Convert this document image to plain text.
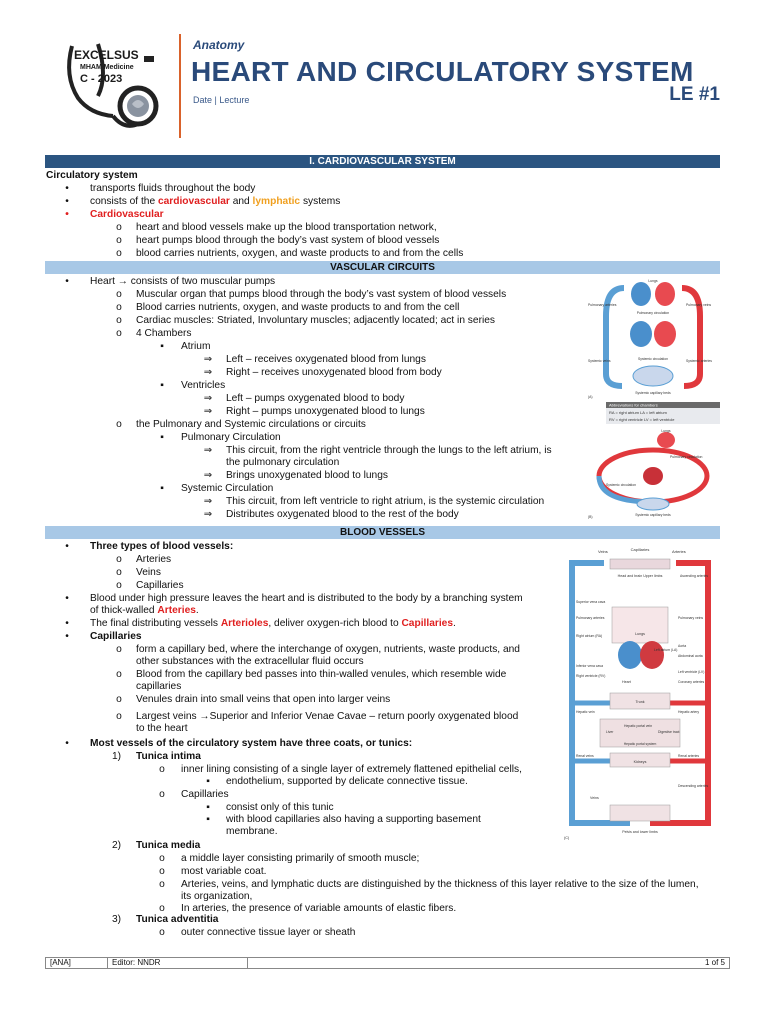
EXCELSUS
MHAM Medicine
C - 2023
Anatomy
HEART AND CIRCULATORY SYSTEM
Date | Lecture	LE #1
I. CARDIOVASCULAR SYSTEM
Circulatory system
•	transports fluids throughout the body
•	consists of the cardiovascular and lymphatic systems
•	Cardiovascular
o heart and blood vessels make up the blood transportation network,
o heart pumps blood through the body’s vast system of blood vessels
o blood carries nutrients, oxygen, and waste products to and from the cells
VASCULAR CIRCUITS
•	Heart → consists of two muscular pumps
o Muscular organ that pumps blood through the body’s vast system of blood vessels
o Blood carries nutrients, oxygen, and waste products to and from the cell
o Cardiac muscles: Striated, Involuntary muscles; adjacently located; act in series
o 4 Chambers
▪	Atrium
⇒ Left – receives oxygenated blood from lungs
⇒ Right – receives unoxygenated blood from body
▪	Ventricles
⇒ Left – pumps oxygenated blood to body
⇒ Right – pumps unoxygenated blood to lungs
o the Pulmonary and Systemic circulations or circuits
▪	Pulmonary Circulation
⇒ This circuit, from the right ventricle through the lungs to the left atrium, is
the pulmonary circulation
⇒ Brings unoxygenated blood to lungs
▪	Systemic Circulation
⇒ This circuit, from left ventricle to right atrium, is the systemic circulation
⇒ Distributes oxygenated blood to the rest of the body
Lungs
Pulmonary arteries	Pulmonary veins
Pulmonary circulation
Systemic circulation
Systemic veins	Systemic arteries
Systemic capillary beds
(A)
Abbreviations for chambers
RA = right atrium LA = left atrium
RV = right ventricle LV = left ventricle
Lungs
Pulmonary circulation
Systemic circulation
Systemic capillary beds
(B)
BLOOD VESSELS
•	Three types of blood vessels:
o Arteries
o Veins
o Capillaries
•	Blood under high pressure leaves the heart and is distributed to the body by a branching system
of thick-walled Arteries.
•	The final distributing vessels Arterioles, deliver oxygen-rich blood to Capillaries.
•	Capillaries
o form a capillary bed, where the interchange of oxygen, nutrients, waste products, and
other substances with the extracellular fluid occurs
o Blood from the capillary bed passes into thin-walled venules, which resemble wide
capillaries
o Venules drain into small veins that open into larger veins
o Largest veins →Superior and Inferior Venae Cavae – return poorly oxygenated blood
to the heart
•	Most vessels of the circulatory system have three coats, or tunics:
1) Tunica intima
o inner lining consisting of a single layer of extremely flattened epithelial cells,
▪	endothelium, supported by delicate connective tissue.
o Capillaries
▪	consist only of this tunic
▪	with blood capillaries also having a supporting basement
membrane.
2) Tunica media
o a middle layer consisting primarily of smooth muscle;
o most variable coat.
o Arteries, veins, and lymphatic ducts are distinguished by the thickness of this layer relative to the size of the lumen,
its organization,
o In arteries, the presence of variable amounts of elastic fibers.
3) Tunica adventitia
o outer connective tissue layer or sheath
Veins	Capillaries	Arteries
Head and brain Upper limbs	Ascending arteries
Superior vena cava
Pulmonary arteries	Pulmonary veins
Right atrium (RA)	Lungs
Aorta
Left atrium (LA)
Abdominal aorta
Inferior vena cava
Right ventricle (RV)
Left ventricle (LV)
Heart	Coronary arteries
Trunk
Hepatic vein	Hepatic artery
Liver
Hepatic portal vein
Digestive tract
Hepatic portal system
Renal veins	Renal arteries
Kidneys
Descending arteries
Veins
Pelvis and lower limbs
(C)
[ANA]	Editor: NNDR	1 of 5
